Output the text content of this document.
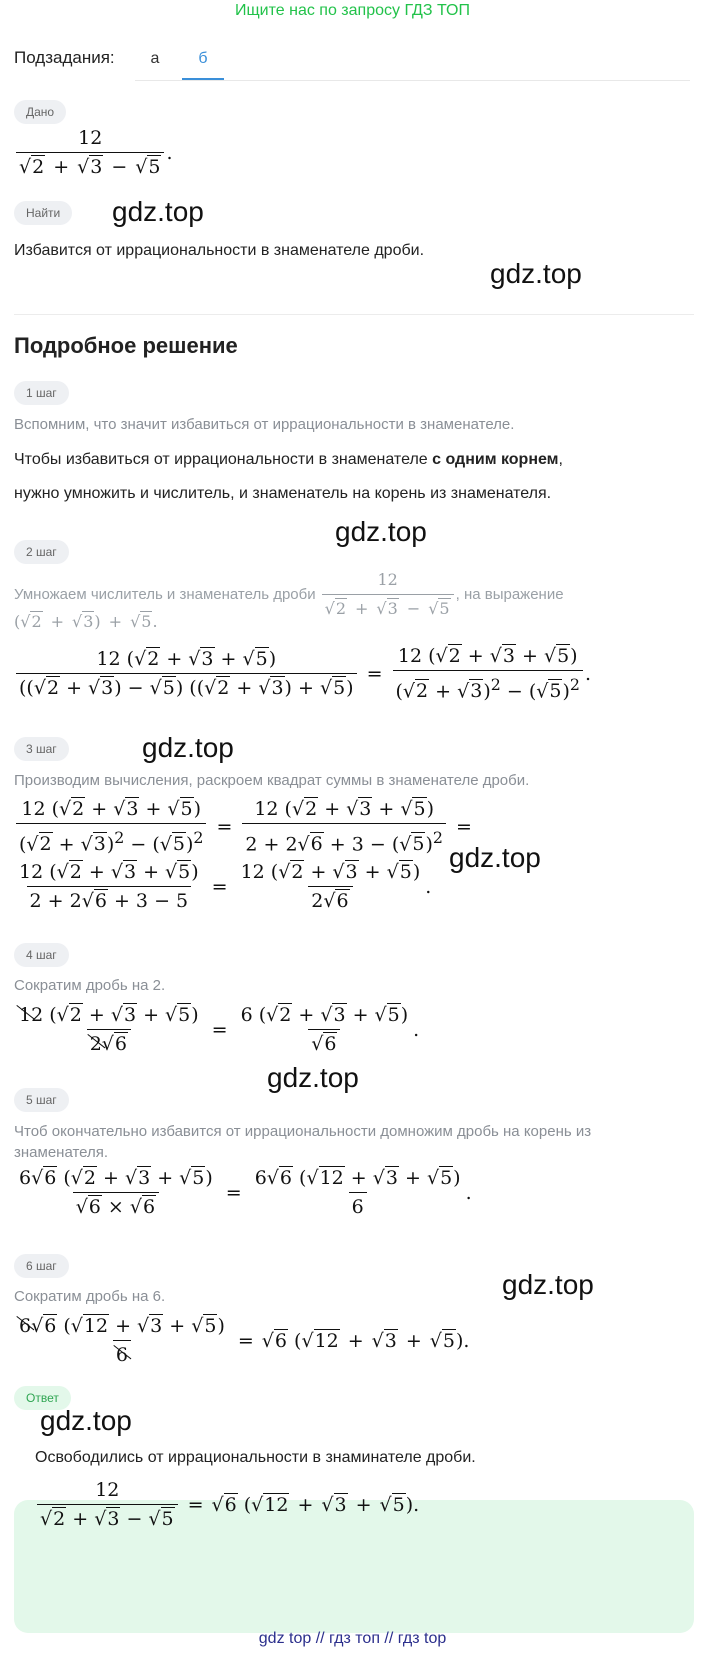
Ищите нас по запросу ГДЗ ТОП
Подзадания:	а	б
Дано
$\frac{12}{√2 + √3 - √5}$ .
Найти	gdz.top
Избавится от иррациональности в знаменателе дроби.
gdz.top
Подробное решение
1 шаг
Вспомним, что значит избавиться от иррациональности в знаменателе.
Чтобы избавиться от иррациональности в знаменателе с одним корнем,
нужно умножить и числитель, и знаменатель на корень из знаменателя.
gdz.top
2 шаг
Умножаем числитель и знаменатель дроби $\frac{12}{√2 + √3 - √5}$ , на выражение
(√ 2 + √ 3 ) + √ 5 .
$\frac{12 (√2 + √3 + √5)}{((√2 + √3) - √5) ((√2 + √3) + √5)} = \frac{12 (√2 + √3 + √5)}{(√2 + √3)^2 - (√5)^2}$ .
3 шаг	gdz.top
Производим вычисления, раскроем квадрат суммы в знаменателе дроби.
$\frac{12 (√2 + √3 + √5)}{(√2 + √3)^2 - (√5)^2} = \frac{12 (√2 + √3 + √5)}{2 + 2√6 + 3 - (√5)^2}$ =
gdz.top
$\frac{12 (√2 + √3 + √5)}{2 + 2√6 + 3 - 5} = \frac{12 (√2 + √3 + √5)}{2√6}$ .
4 шаг
Сократим дробь на 2.
$\frac{12 (√2 + √3 + √5)}{2√6} = \frac{6 (√2 + √3 + √5)}{√6}$ .
gdz.top
5 шаг
Чтоб окончательно избавится от иррациональности домножим дробь на корень из
знаменателя.
$\frac{6√6 (√2 + √3 + √5)}{√6 \times √6} = \frac{6√6 (√12 + √3 + √5)}{6}$ .
6 шаг
gdz.top
Сократим дробь на 6.
$\frac{6√6 (√12 + √3 + √5)}{6}$ = √ 6 (√ 12 + √ 3 + √ 5 ).
Ответ
gdz.top
Освободились от иррациональности в знаминателе дроби.
$\frac{12}{√2 + √3 - √5}$ = √ 6 (√ 12 + √ 3 + √ 5 ).
gdz top // гдз топ // гдз top
